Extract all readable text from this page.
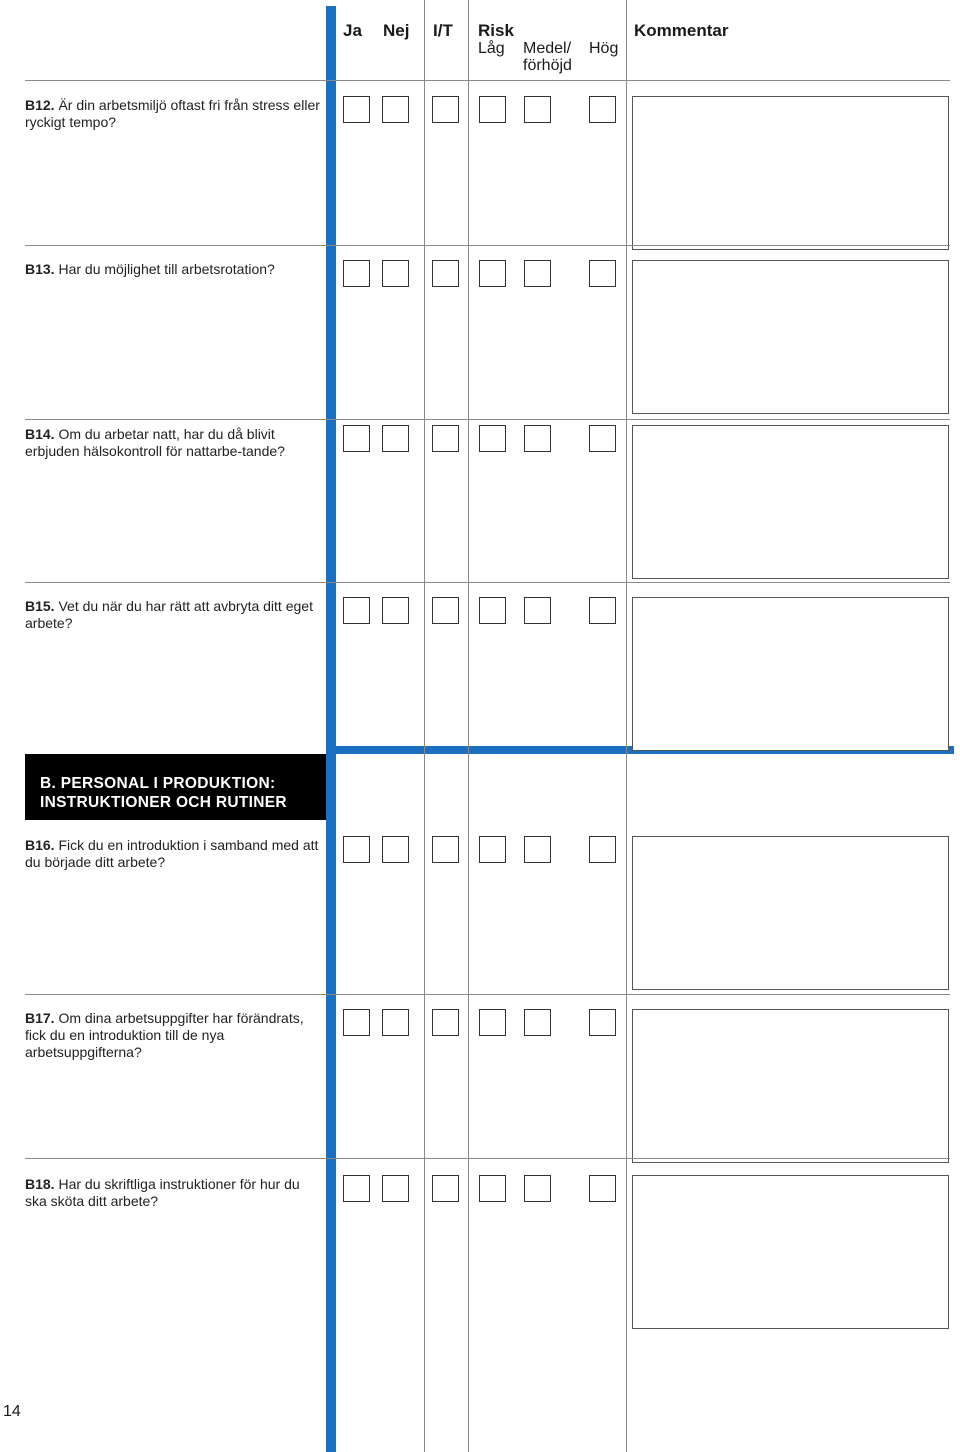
Ja Nej I/T Risk
Låg Medel/
förhöjd
Hög
Kommentar
B. PERSONAL I PRODUKTION:
INSTRUKTIONER OCH RUTINER
B12. Är din arbetsmiljö oftast fri från stress eller ryckigt tempo?
B13. Har du möjlighet till arbetsrotation?
B14. Om du arbetar natt, har du då blivit erbjuden hälsokontroll för nattarbe-tande?
B15. Vet du när du har rätt att avbryta ditt eget arbete?
B16. Fick du en introduktion i samband med att du började ditt arbete?
B17. Om dina arbetsuppgifter har förändrats, fick du en introduktion till de nya arbetsuppgifterna?
B18. Har du skriftliga instruktioner för hur du ska sköta ditt arbete?
14
